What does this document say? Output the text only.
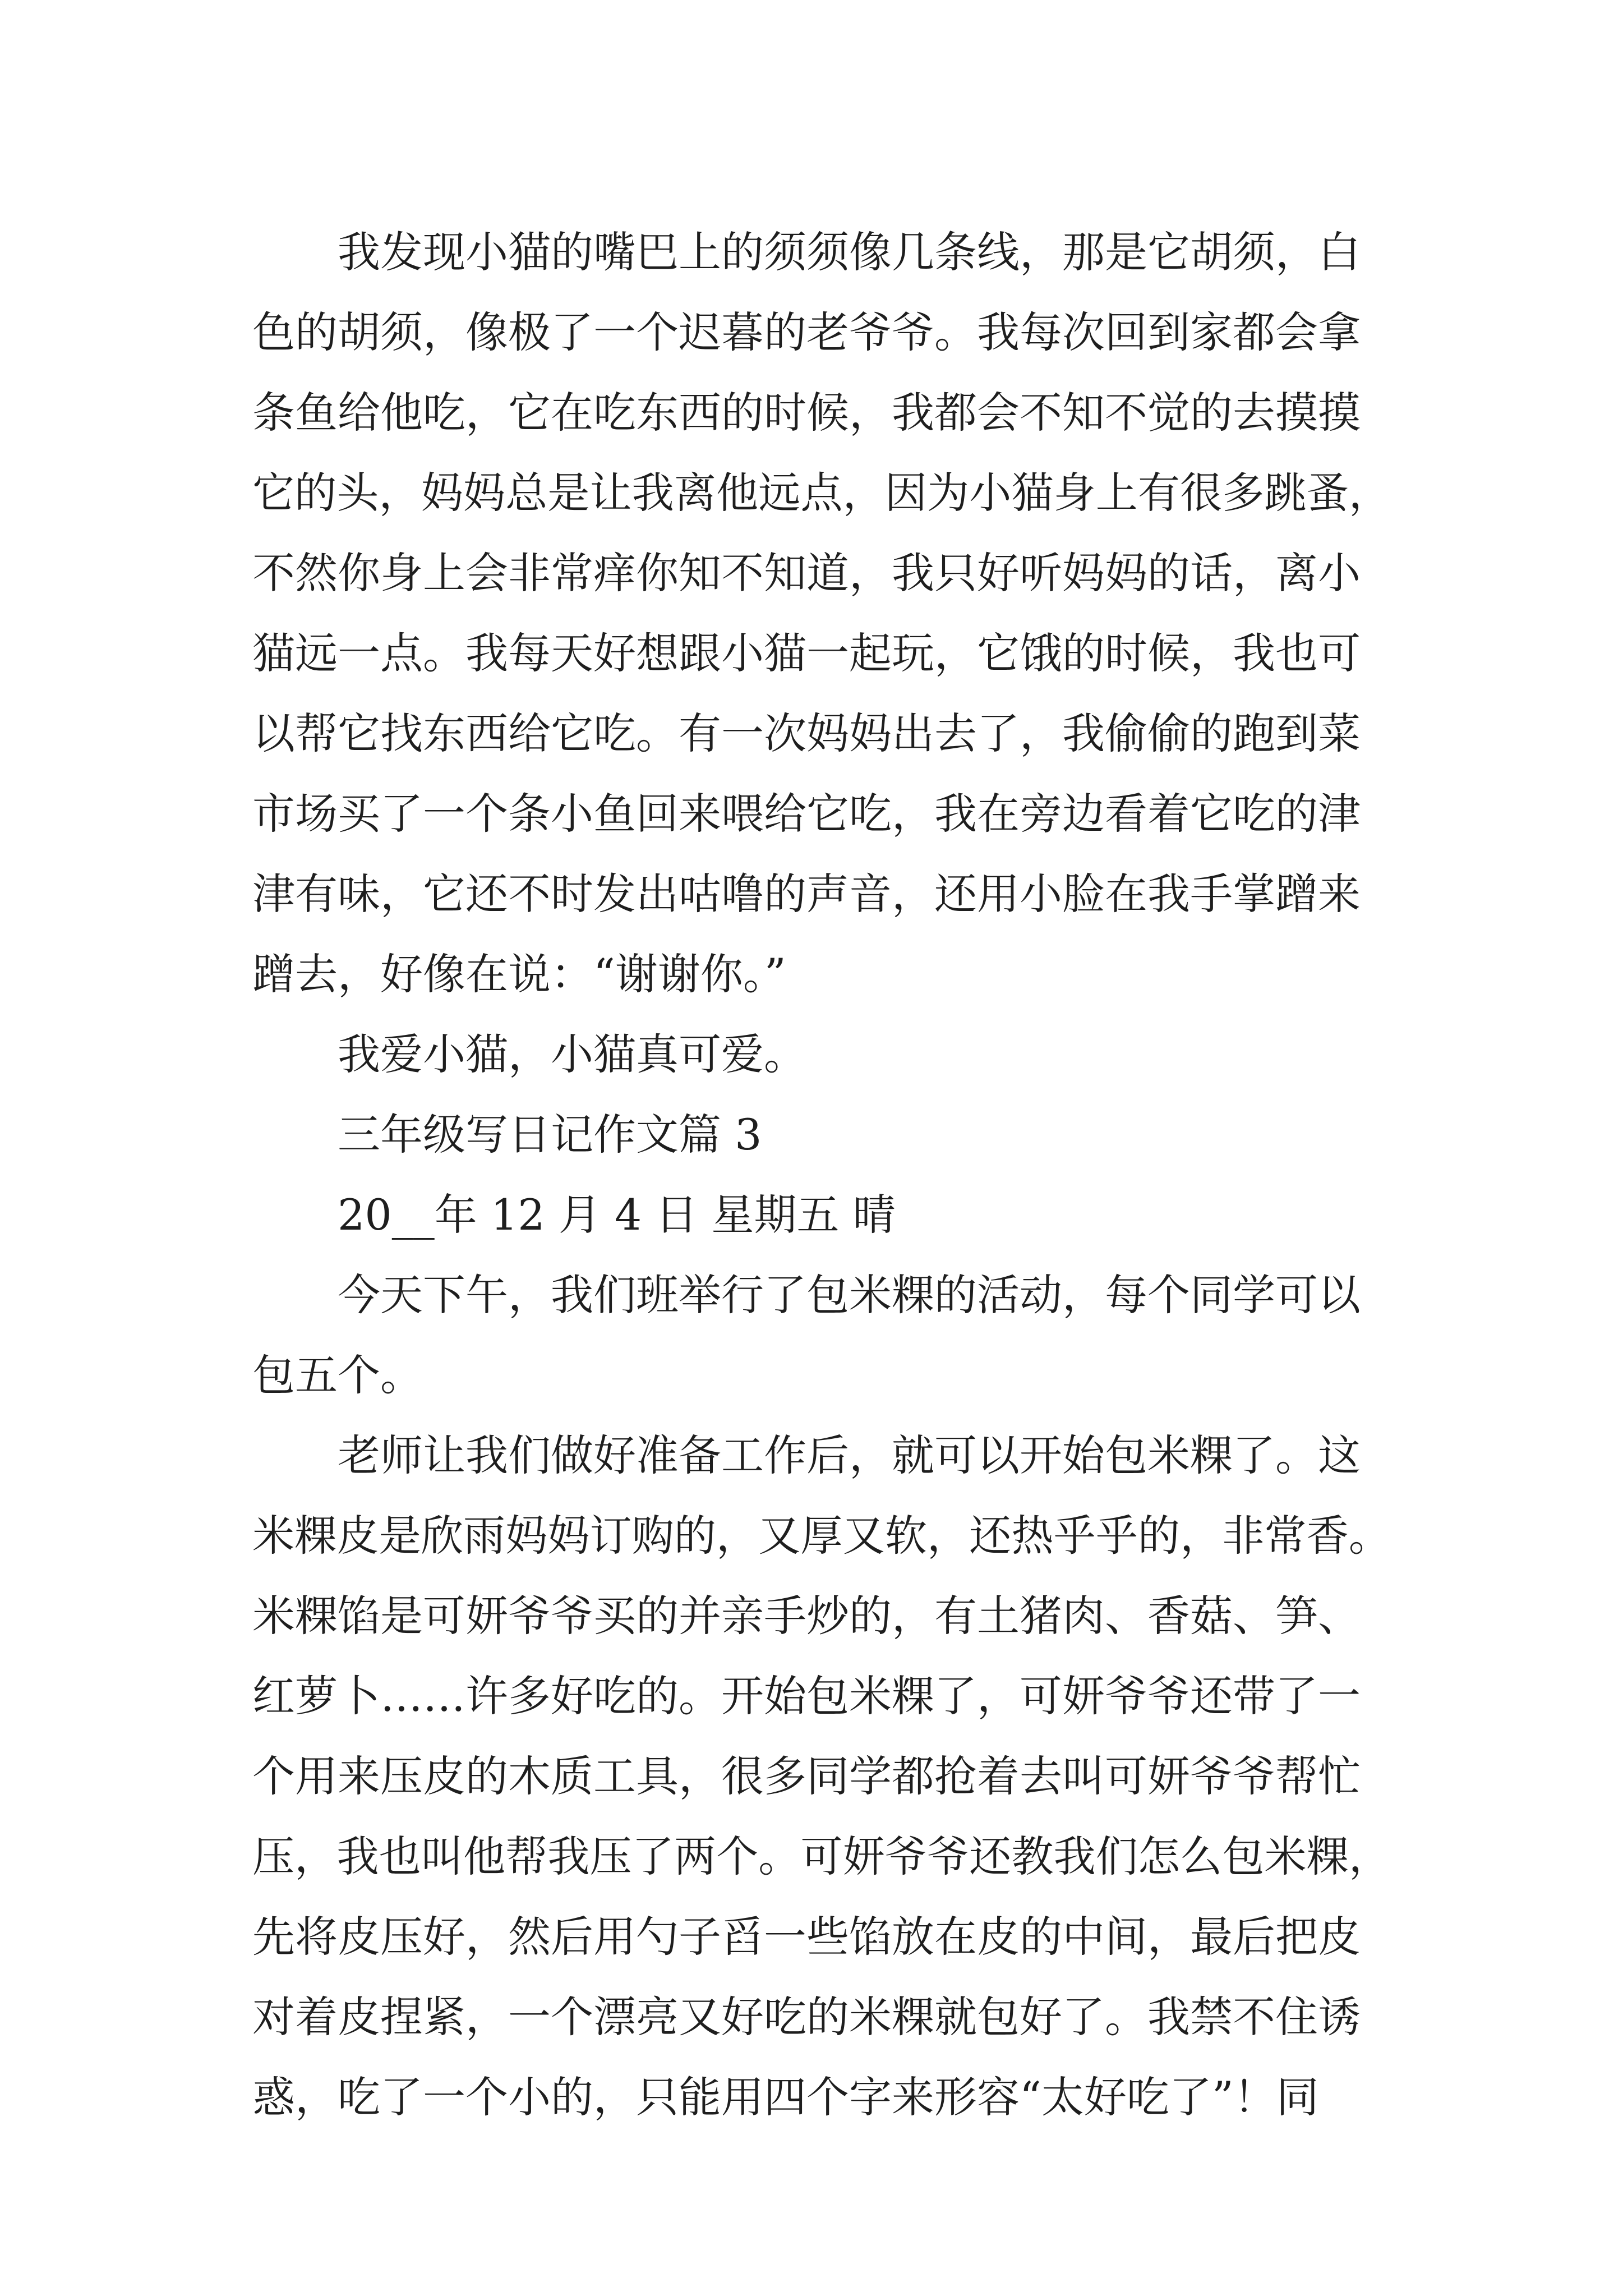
我发现小猫的嘴巴上的须须像几条线，那是它胡须，白
色的胡须，像极了一个迟暮的老爷爷。我每次回到家都会拿
条鱼给他吃，它在吃东西的时候，我都会不知不觉的去摸摸
它的头，妈妈总是让我离他远点，因为小猫身上有很多跳蚤，
不然你身上会非常痒你知不知道，我只好听妈妈的话，离小
猫远一点。我每天好想跟小猫一起玩，它饿的时候，我也可
以帮它找东西给它吃。有一次妈妈出去了，我偷偷的跑到菜
市场买了一个条小鱼回来喂给它吃，我在旁边看着它吃的津
津有味，它还不时发出咕噜的声音，还用小脸在我手掌蹭来
蹭去，好像在说：“谢谢你。”
我爱小猫，小猫真可爱。
三年级写日记作文篇 3
20__年 12 月 4 日 星期五 晴
今天下午，我们班举行了包米粿的活动，每个同学可以
包五个。
老师让我们做好准备工作后，就可以开始包米粿了。这
米粿皮是欣雨妈妈订购的，又厚又软，还热乎乎的，非常香。
米粿馅是可妍爷爷买的并亲手炒的，有土猪肉、香菇、笋、
红萝卜……许多好吃的。开始包米粿了，可妍爷爷还带了一
个用来压皮的木质工具，很多同学都抢着去叫可妍爷爷帮忙
压，我也叫他帮我压了两个。可妍爷爷还教我们怎么包米粿，
先将皮压好，然后用勺子舀一些馅放在皮的中间，最后把皮
对着皮捏紧，一个漂亮又好吃的米粿就包好了。我禁不住诱
惑，吃了一个小的，只能用四个字来形容“太好吃了”！同
